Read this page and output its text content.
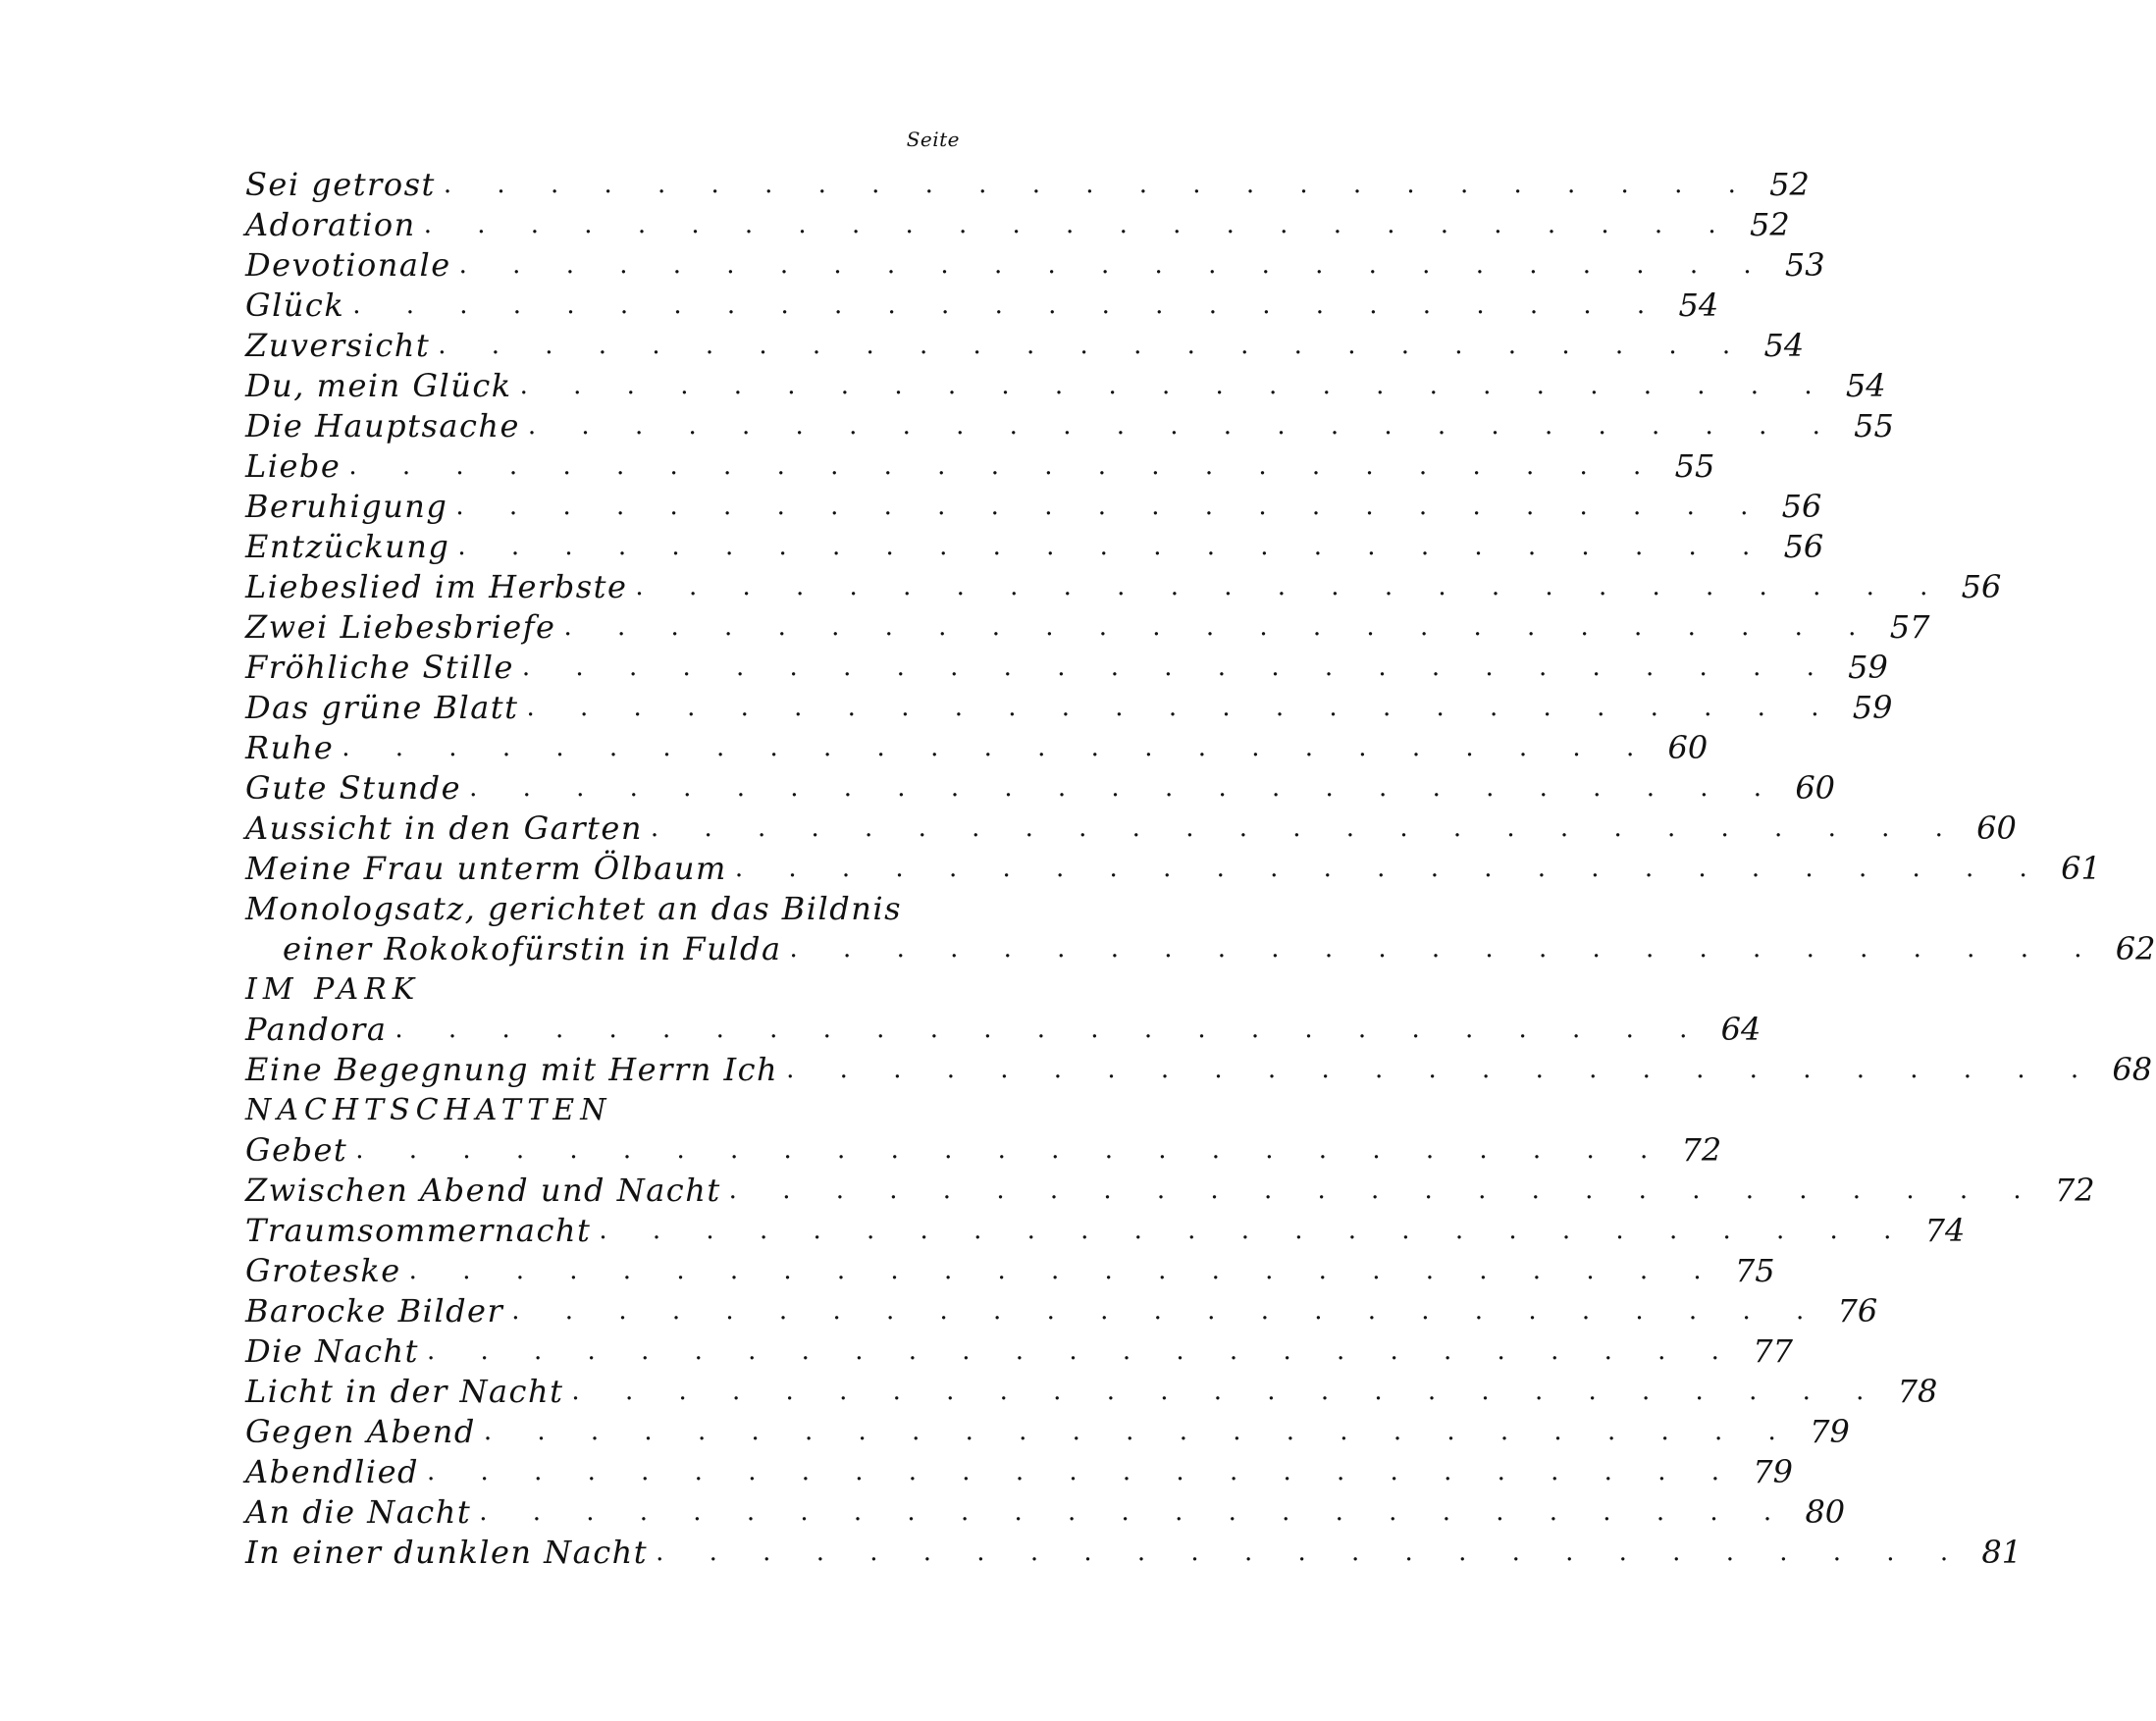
Seite
Sei getrost . . . . . . . . . . . . . . . . . . . . . . . . . 52
Adoration . . . . . . . . . . . . . . . . . . . . . . . . . 52
Devotionale . . . . . . . . . . . . . . . . . . . . . . . . . 53
Glück . . . . . . . . . . . . . . . . . . . . . . . . . 54
Zuversicht . . . . . . . . . . . . . . . . . . . . . . . . . 54
Du, mein Glück . . . . . . . . . . . . . . . . . . . . . . . . . 54
Die Hauptsache . . . . . . . . . . . . . . . . . . . . . . . . . 55
Liebe . . . . . . . . . . . . . . . . . . . . . . . . . 55
Beruhigung . . . . . . . . . . . . . . . . . . . . . . . . . 56
Entzückung . . . . . . . . . . . . . . . . . . . . . . . . . 56
Liebeslied im Herbste . . . . . . . . . . . . . . . . . . . . . . . . . 56
Zwei Liebesbriefe . . . . . . . . . . . . . . . . . . . . . . . . . 57
Fröhliche Stille . . . . . . . . . . . . . . . . . . . . . . . . . 59
Das grüne Blatt . . . . . . . . . . . . . . . . . . . . . . . . . 59
Ruhe . . . . . . . . . . . . . . . . . . . . . . . . . 60
Gute Stunde . . . . . . . . . . . . . . . . . . . . . . . . . 60
Aussicht in den Garten . . . . . . . . . . . . . . . . . . . . . . . . . 60
Meine Frau unterm Ölbaum . . . . . . . . . . . . . . . . . . . . . . . . . 61
Monologsatz, gerichtet an das Bildnis
einer Rokokofürstin in Fulda . . . . . . . . . . . . . . . . . . . . . . . . . 62
IM PARK
Pandora . . . . . . . . . . . . . . . . . . . . . . . . . 64
Eine Begegnung mit Herrn Ich . . . . . . . . . . . . . . . . . . . . . . . . . 68
NACHTSCHATTEN
Gebet . . . . . . . . . . . . . . . . . . . . . . . . . 72
Zwischen Abend und Nacht . . . . . . . . . . . . . . . . . . . . . . . . . 72
Traumsommernacht . . . . . . . . . . . . . . . . . . . . . . . . . 74
Groteske . . . . . . . . . . . . . . . . . . . . . . . . . 75
Barocke Bilder . . . . . . . . . . . . . . . . . . . . . . . . . 76
Die Nacht . . . . . . . . . . . . . . . . . . . . . . . . . 77
Licht in der Nacht . . . . . . . . . . . . . . . . . . . . . . . . . 78
Gegen Abend . . . . . . . . . . . . . . . . . . . . . . . . . 79
Abendlied . . . . . . . . . . . . . . . . . . . . . . . . . 79
An die Nacht . . . . . . . . . . . . . . . . . . . . . . . . . 80
In einer dunklen Nacht . . . . . . . . . . . . . . . . . . . . . . . . . 81
